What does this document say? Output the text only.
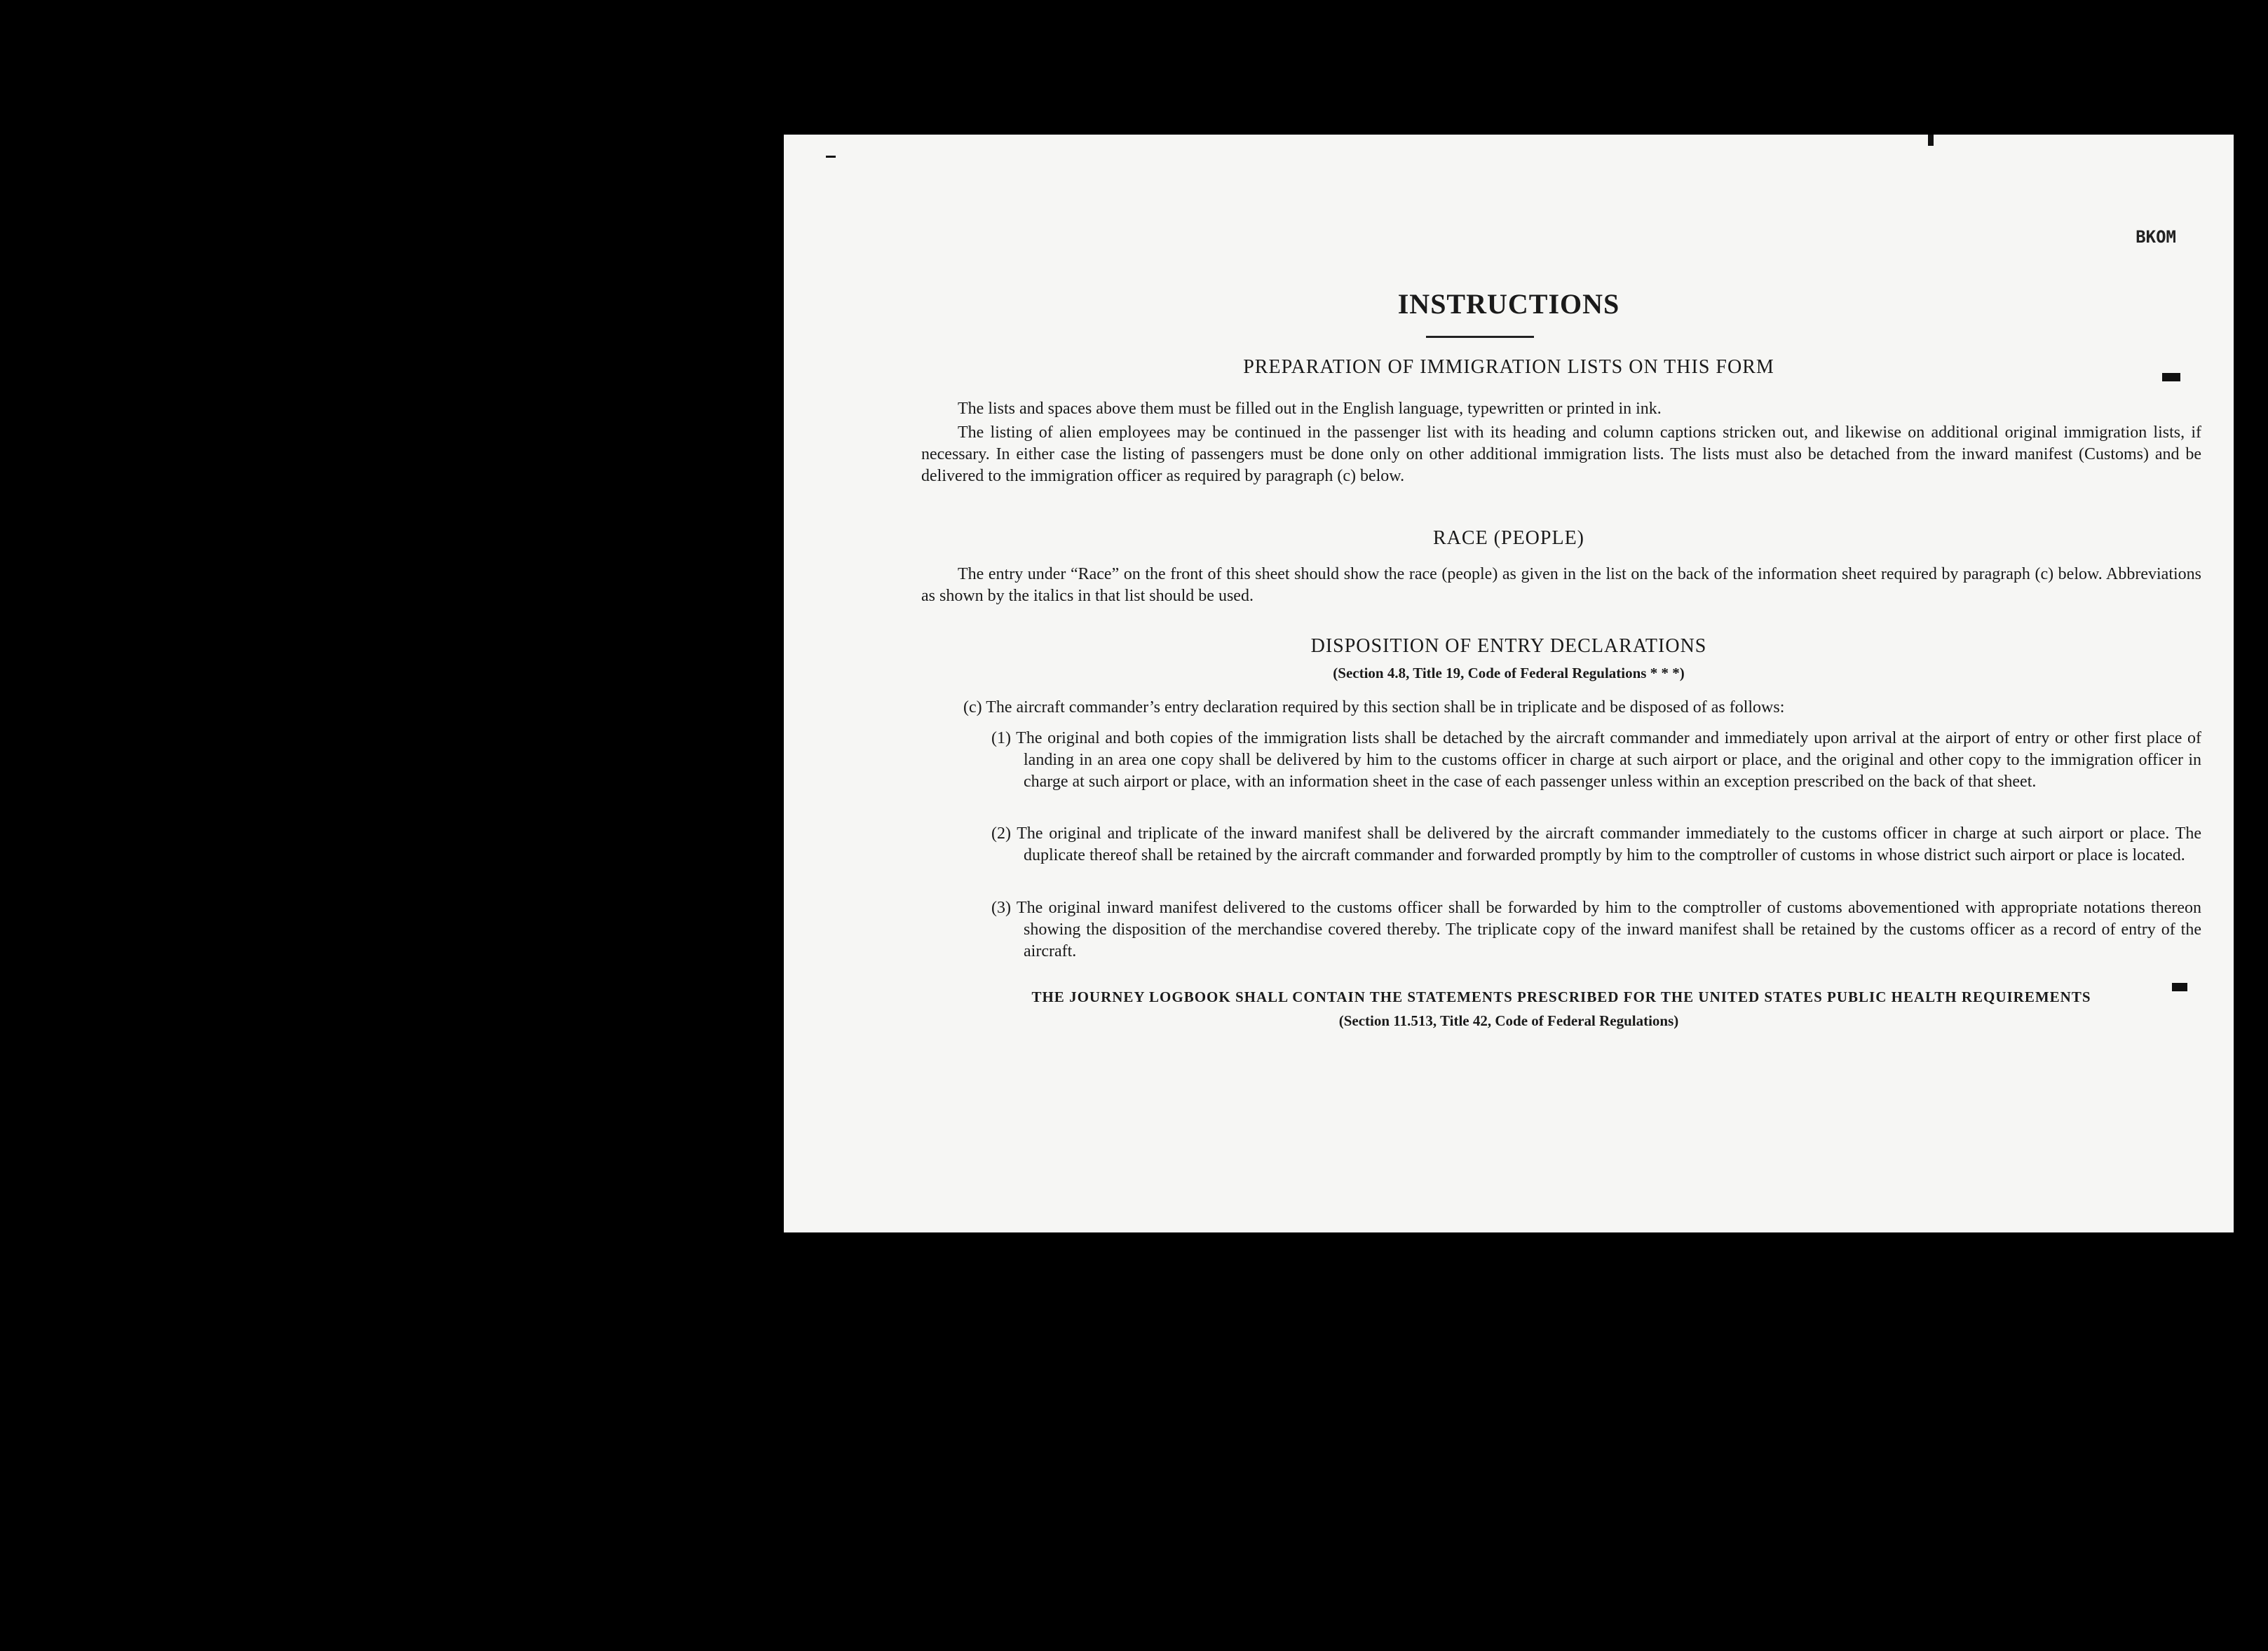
ВКОМ
INSTRUCTIONS
PREPARATION OF IMMIGRATION LISTS ON THIS FORM
The lists and spaces above them must be filled out in the English language, typewritten or printed in ink.
The listing of alien employees may be continued in the passenger list with its heading and column captions stricken out, and likewise on additional original immigration lists, if necessary. In either case the listing of passengers must be done only on other additional immigration lists. The lists must also be detached from the inward manifest (Customs) and be delivered to the immigration officer as required by paragraph (c) below.
RACE (PEOPLE)
The entry under “Race” on the front of this sheet should show the race (people) as given in the list on the back of the information sheet required by paragraph (c) below. Abbreviations as shown by the italics in that list should be used.
DISPOSITION OF ENTRY DECLARATIONS
(Section 4.8, Title 19, Code of Federal Regulations * * *)
(c) The aircraft commander’s entry declaration required by this section shall be in triplicate and be disposed of as follows:
(1) The original and both copies of the immigration lists shall be detached by the aircraft commander and immediately upon arrival at the airport of entry or other first place of landing in an area one copy shall be delivered by him to the customs officer in charge at such airport or place, and the original and other copy to the immigration officer in charge at such airport or place, with an information sheet in the case of each passenger unless within an exception prescribed on the back of that sheet.
(2) The original and triplicate of the inward manifest shall be delivered by the aircraft commander immediately to the customs officer in charge at such airport or place. The duplicate thereof shall be retained by the aircraft commander and forwarded promptly by him to the comptroller of customs in whose district such airport or place is located.
(3) The original inward manifest delivered to the customs officer shall be forwarded by him to the comptroller of customs abovementioned with appropriate notations thereon showing the disposition of the merchandise covered thereby. The triplicate copy of the inward manifest shall be retained by the customs officer as a record of entry of the aircraft.
THE JOURNEY LOGBOOK SHALL CONTAIN THE STATEMENTS PRESCRIBED FOR THE UNITED STATES PUBLIC HEALTH REQUIREMENTS
(Section 11.513, Title 42, Code of Federal Regulations)
